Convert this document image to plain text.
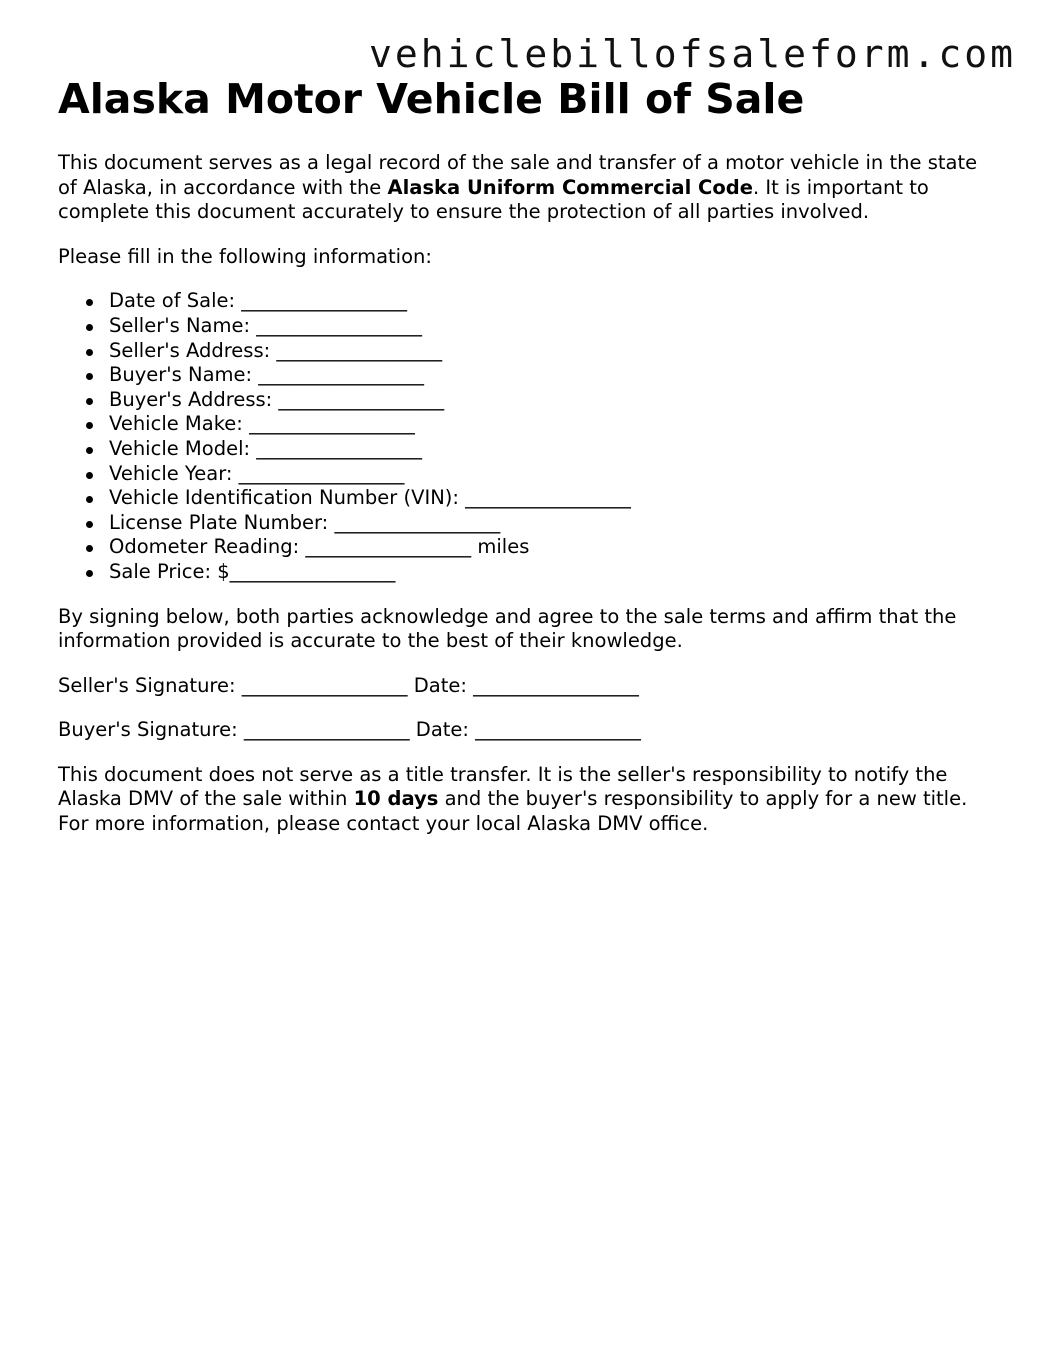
vehiclebillofsaleform.com
Alaska Motor Vehicle Bill of Sale

This document serves as a legal record of the sale and transfer of a motor vehicle in the state of Alaska, in accordance with the Alaska Uniform Commercial Code. It is important to complete this document accurately to ensure the protection of all parties involved.

Please fill in the following information:

Date of Sale: _________________
Seller's Name: _________________
Seller's Address: _________________
Buyer's Name: _________________
Buyer's Address: _________________
Vehicle Make: _________________
Vehicle Model: _________________
Vehicle Year: _________________
Vehicle Identification Number (VIN): _________________
License Plate Number: _________________
Odometer Reading: _________________ miles
Sale Price: $_________________

By signing below, both parties acknowledge and agree to the sale terms and affirm that the information provided is accurate to the best of their knowledge.

Seller's Signature: _________________ Date: _________________

Buyer's Signature: _________________ Date: _________________

This document does not serve as a title transfer. It is the seller's responsibility to notify the Alaska DMV of the sale within 10 days and the buyer's responsibility to apply for a new title. For more information, please contact your local Alaska DMV office.
